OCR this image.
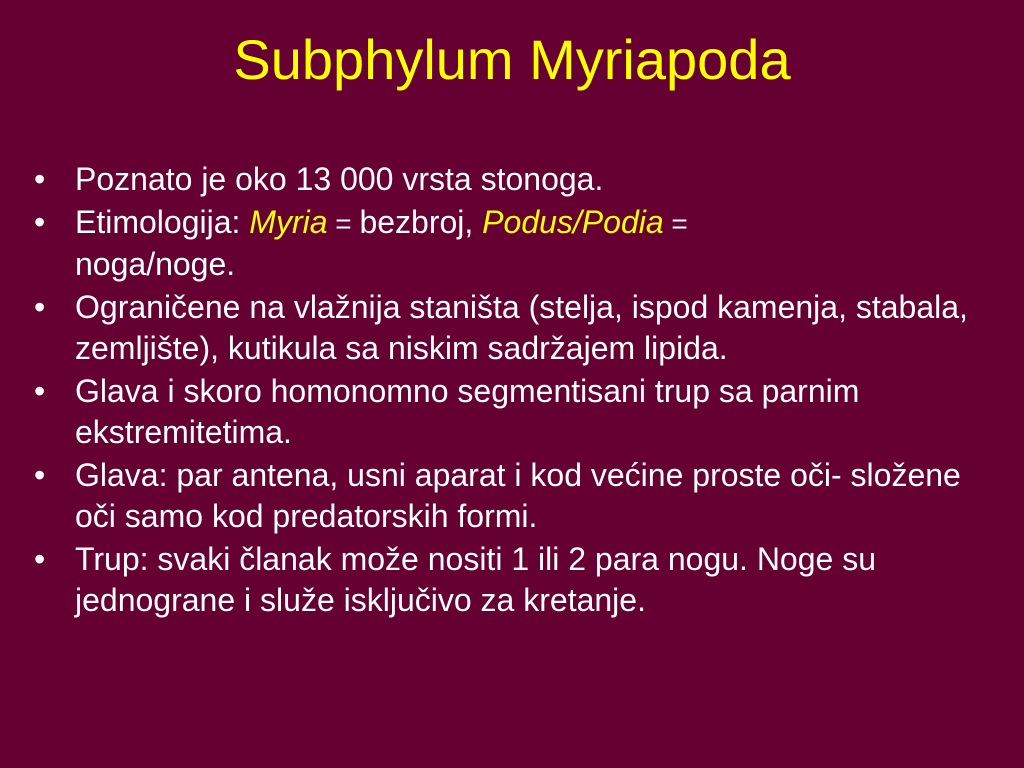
Subphylum Myriapoda
• Poznato je oko 13 000 vrsta stonoga.
• Etimologija: Myria = bezbroj, Podus/Podia =
noga/noge.
• Ograničene na vlažnija staništa (stelja, ispod kamenja, stabala, zemljište), kutikula sa niskim sadržajem lipida.
• Glava i skoro homonomno segmentisani trup sa parnim ekstremitetima.
• Glava: par antena, usni aparat i kod većine proste oči- složene oči samo kod predatorskih formi.
• Trup: svaki članak može nositi 1 ili 2 para nogu. Noge su jednograne i služe isključivo za kretanje.
